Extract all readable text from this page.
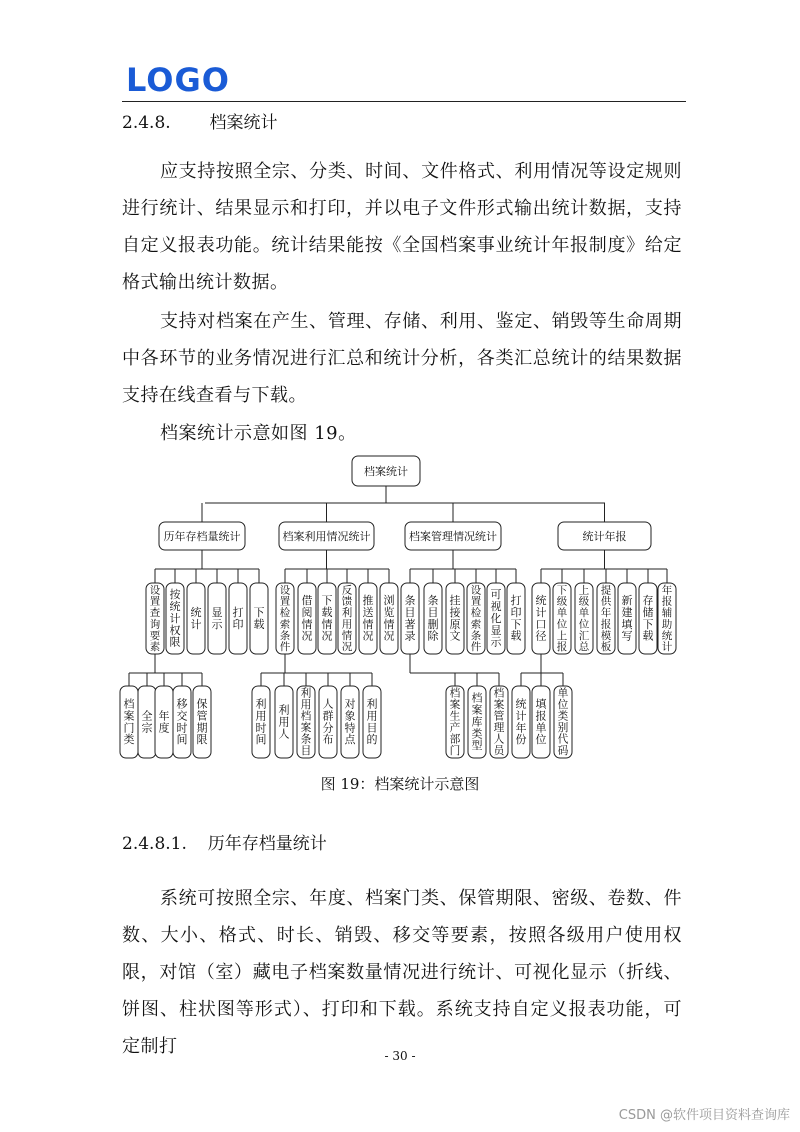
LOGO
2.4.8. 档案统计

应支持按照全宗、分类、时间、文件格式、利用情况等设定规则进行统计、结果显示和打印，并以电子文件形式输出统计数据，支持自定义报表功能。统计结果能按《全国档案事业统计年报制度》给定格式输出统计数据。

支持对档案在产生、管理、存储、利用、鉴定、销毁等生命周期中各环节的业务情况进行汇总和统计分析，各类汇总统计的结果数据支持在线查看与下载。

档案统计示意如图 19。

档案统计
历年存档量统计
设
置
查
询
要
素
按
统
计
权
限
统
计
显
示
打
印
下
载
档
案
门
类
全
宗
年
度
移
交
时
间
保
管
期
限
档案利用情况统计
设
置
检
索
条
件
借
阅
情
况
下
载
情
况
反
馈
利
用
情
况
推
送
情
况
浏
览
情
况
利
用
时
间
利
用
人
利
用
档
案
条
目
人
群
分
布
对
象
特
点
利
用
目
的
档案管理情况统计
条
目
著
录
条
目
删
除
挂
接
原
文
设
置
检
索
条
件
可
视
化
显
示
打
印
下
载
档
案
生
产
部
门
档
案
库
类
型
档
案
管
理
人
员
统计年报
统
计
口
径
下
级
单
位
上
报
上
级
单
位
汇
总
提
供
年
报
模
板
新
建
填
写
存
储
下
载
年
报
辅
助
统
计
统
计
年
份
填
报
单
位
单
位
类
别
代
码
图 19：档案统计示意图
2.4.8.1. 历年存档量统计

系统可按照全宗、年度、档案门类、保管期限、密级、卷数、件数、大小、格式、时长、销毁、移交等要素，按照各级用户使用权限，对馆（室）藏电子档案数量情况进行统计、可视化显示（折线、饼图、柱状图等形式）、打印和下载。系统支持自定义报表功能，可定制打	- 30 -
CSDN @软件项目资料查询库
